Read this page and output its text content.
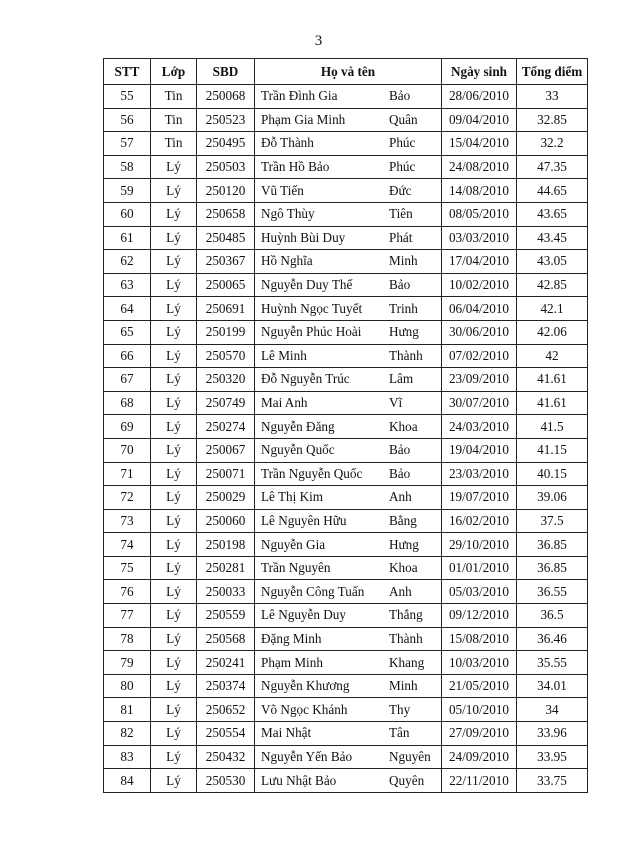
3
STT	Lớp	SBD	Họ và tên	Ngày sinh	Tổng điểm
55	Tin	250068	Trần Đình Gia Bảo	28/06/2010	33
56	Tin	250523	Phạm Gia Minh Quân	09/04/2010	32.85
57	Tin	250495	Đỗ Thành Phúc	15/04/2010	32.2
58	Lý	250503	Trần Hồ Bảo Phúc	24/08/2010	47.35
59	Lý	250120	Vũ Tiến Đức	14/08/2010	44.65
60	Lý	250658	Ngô Thùy Tiên	08/05/2010	43.65
61	Lý	250485	Huỳnh Bùi Duy Phát	03/03/2010	43.45
62	Lý	250367	Hồ Nghĩa Minh	17/04/2010	43.05
63	Lý	250065	Nguyễn Duy Thế Bảo	10/02/2010	42.85
64	Lý	250691	Huỳnh Ngọc Tuyết Trinh	06/04/2010	42.1
65	Lý	250199	Nguyễn Phúc Hoài Hưng	30/06/2010	42.06
66	Lý	250570	Lê Minh Thành	07/02/2010	42
67	Lý	250320	Đỗ Nguyễn Trúc Lâm	23/09/2010	41.61
68	Lý	250749	Mai Anh Vĩ	30/07/2010	41.61
69	Lý	250274	Nguyễn Đăng Khoa	24/03/2010	41.5
70	Lý	250067	Nguyễn Quốc Bảo	19/04/2010	41.15
71	Lý	250071	Trần Nguyễn Quốc Bảo	23/03/2010	40.15
72	Lý	250029	Lê Thị Kim Anh	19/07/2010	39.06
73	Lý	250060	Lê Nguyên Hữu Bằng	16/02/2010	37.5
74	Lý	250198	Nguyễn Gia Hưng	29/10/2010	36.85
75	Lý	250281	Trần Nguyên Khoa	01/01/2010	36.85
76	Lý	250033	Nguyễn Công Tuấn Anh	05/03/2010	36.55
77	Lý	250559	Lê Nguyễn Duy Thắng	09/12/2010	36.5
78	Lý	250568	Đặng Minh Thành	15/08/2010	36.46
79	Lý	250241	Phạm Minh Khang	10/03/2010	35.55
80	Lý	250374	Nguyễn Khương Minh	21/05/2010	34.01
81	Lý	250652	Võ Ngọc Khánh Thy	05/10/2010	34
82	Lý	250554	Mai Nhật Tân	27/09/2010	33.96
83	Lý	250432	Nguyễn Yến Bảo Nguyên	24/09/2010	33.95
84	Lý	250530	Lưu Nhật Bảo Quyên	22/11/2010	33.75
